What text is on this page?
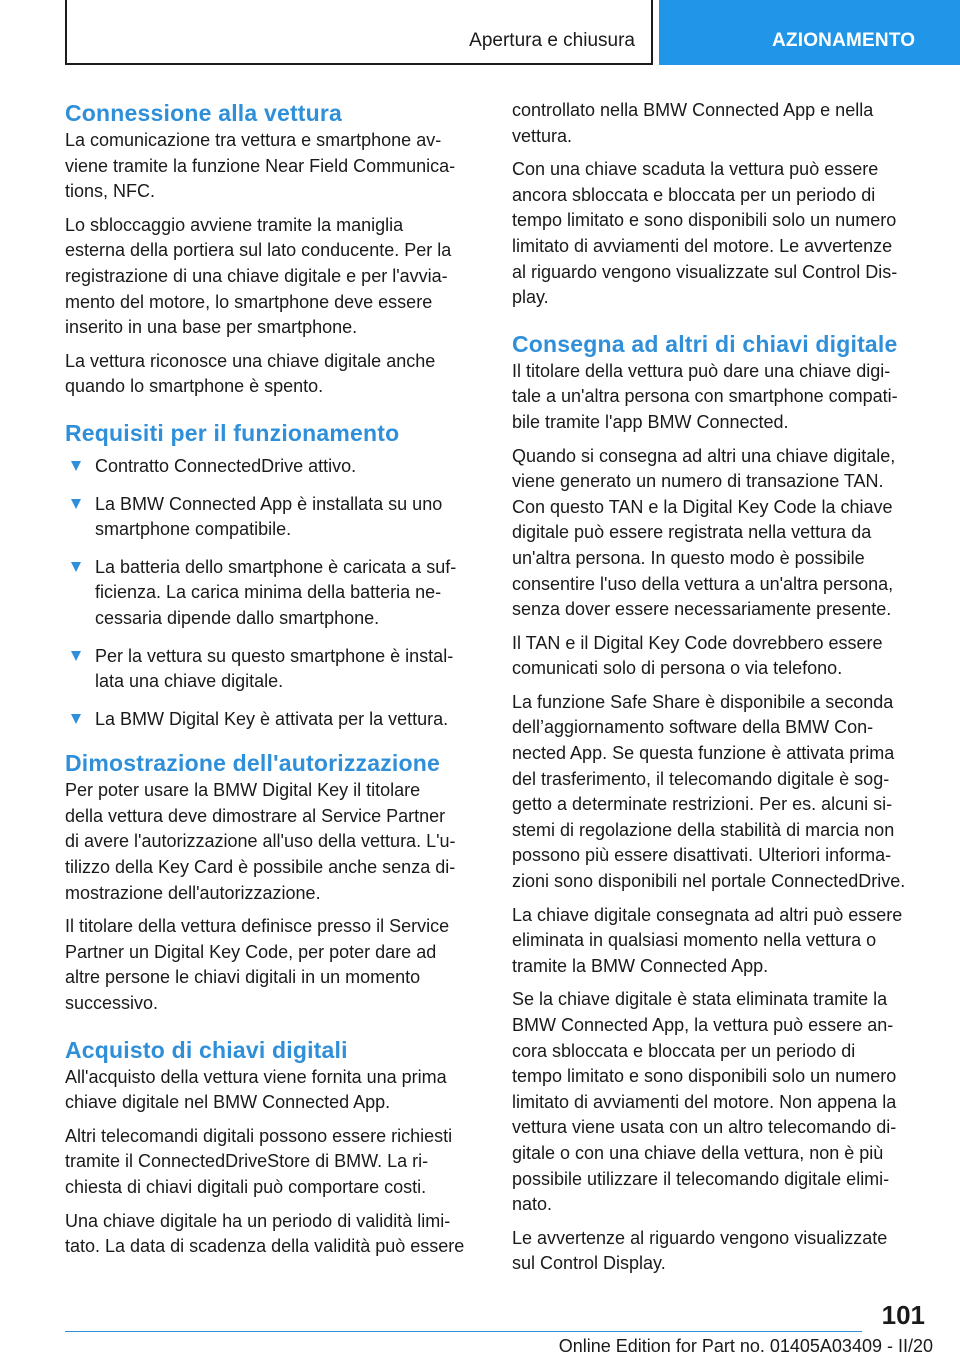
Apertura e chiusura	AZIONAMENTO
Connessione alla vettura

La comunicazione tra vettura e smartphone av-

viene tramite la funzione Near Field Communica-

tions, NFC.

Lo sbloccaggio avviene tramite la maniglia

esterna della portiera sul lato conducente. Per la

registrazione di una chiave digitale e per l'avvia-

mento del motore, lo smartphone deve essere

inserito in una base per smartphone.

La vettura riconosce una chiave digitale anche

quando lo smartphone è spento.

Requisiti per il funzionamento
Contratto ConnectedDrive attivo.
La BMW Connected App è installata su uno
smartphone compatibile.
La batteria dello smartphone è caricata a suf-
ficienza. La carica minima della batteria ne-
cessaria dipende dallo smartphone.
Per la vettura su questo smartphone è instal-
lata una chiave digitale.
La BMW Digital Key è attivata per la vettura.
Dimostrazione dell'autorizzazione

Per poter usare la BMW Digital Key il titolare

della vettura deve dimostrare al Service Partner

di avere l'autorizzazione all'uso della vettura. L'u-

tilizzo della Key Card è possibile anche senza di-

mostrazione dell'autorizzazione.

Il titolare della vettura definisce presso il Service

Partner un Digital Key Code, per poter dare ad

altre persone le chiavi digitali in un momento

successivo.

Acquisto di chiavi digitali

All'acquisto della vettura viene fornita una prima

chiave digitale nel BMW Connected App.

Altri telecomandi digitali possono essere richiesti

tramite il ConnectedDriveStore di BMW. La ri-

chiesta di chiavi digitali può comportare costi.

Una chiave digitale ha un periodo di validità limi-

tato. La data di scadenza della validità può essere

controllato nella BMW Connected App e nella

vettura.

Con una chiave scaduta la vettura può essere

ancora sbloccata e bloccata per un periodo di

tempo limitato e sono disponibili solo un numero

limitato di avviamenti del motore. Le avvertenze

al riguardo vengono visualizzate sul Control Dis-

play.

Consegna ad altri di chiavi digitale

Il titolare della vettura può dare una chiave digi-

tale a un'altra persona con smartphone compati-

bile tramite l'app BMW Connected.

Quando si consegna ad altri una chiave digitale,

viene generato un numero di transazione TAN.

Con questo TAN e la Digital Key Code la chiave

digitale può essere registrata nella vettura da

un'altra persona. In questo modo è possibile

consentire l'uso della vettura a un'altra persona,

senza dover essere necessariamente presente.

Il TAN e il Digital Key Code dovrebbero essere

comunicati solo di persona o via telefono.

La funzione Safe Share è disponibile a seconda

dell’aggiornamento software della BMW Con-

nected App. Se questa funzione è attivata prima

del trasferimento, il telecomando digitale è sog-

getto a determinate restrizioni. Per es. alcuni si-

stemi di regolazione della stabilità di marcia non

possono più essere disattivati. Ulteriori informa-

zioni sono disponibili nel portale ConnectedDrive.

La chiave digitale consegnata ad altri può essere

eliminata in qualsiasi momento nella vettura o

tramite la BMW Connected App.

Se la chiave digitale è stata eliminata tramite la

BMW Connected App, la vettura può essere an-

cora sbloccata e bloccata per un periodo di

tempo limitato e sono disponibili solo un numero

limitato di avviamenti del motore. Non appena la

vettura viene usata con un altro telecomando di-

gitale o con una chiave della vettura, non è più

possibile utilizzare il telecomando digitale elimi-

nato.

Le avvertenze al riguardo vengono visualizzate

sul Control Display.

101
Online Edition for Part no. 01405A03409 - II/20
